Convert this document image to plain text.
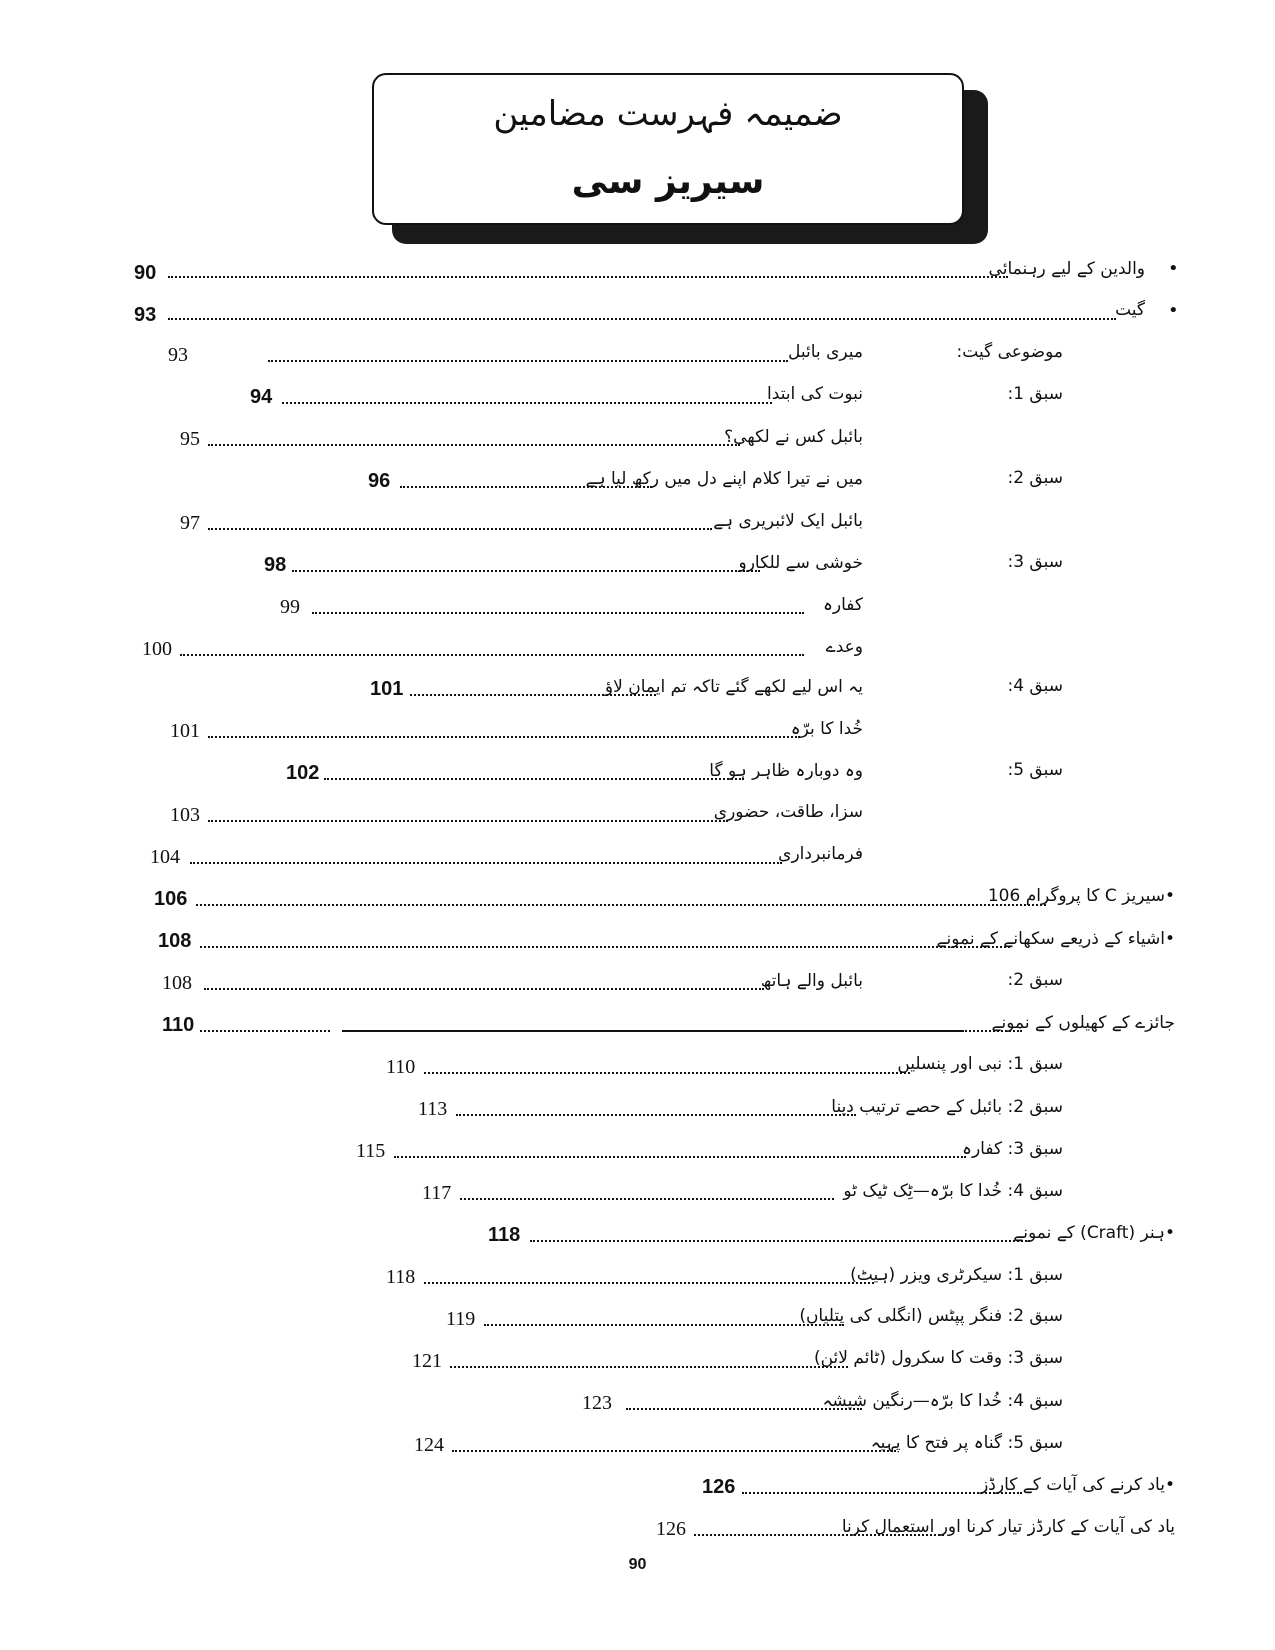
ضمیمہ فہرست مضامین
سیریز سی
•
والدین کے لیے رہنمائی
90
•
گیت
93
موضوعی گیت:
میری بائبل
93
سبق 1:
نبوت کی ابتدا
94
بائبل کس نے لکھی؟
95
سبق 2:
میں نے تیرا کلام اپنے دل میں رکھ لیا ہے
96
بائبل ایک لائبریری ہے
97
سبق 3:
خوشی سے للکارو
98
کفارہ
99
وعدے
100
سبق 4:
یہ اس لیے لکھے گئے تاکہ تم ایمان لاؤ
101
خُدا کا برّہ
101
سبق 5:
وہ دوبارہ ظاہر ہو گا
102
سزا، طاقت، حضوری
103
فرمانبرداری
104
•سیریز C کا پروگرام 106
106
•اشیاء کے ذریعے سکھانے کے نمونے
108
سبق 2:
بائبل والے ہاتھ
108
جائزے کے کھیلوں کے نمونے
110
سبق 1: نبی اور پنسلیں
110
سبق 2: بائبل کے حصے ترتیب دینا
113
سبق 3: کفارہ
115
سبق 4: خُدا کا برّہ—ٹِک ٹیک ٹو
117
•ہنر (Craft) کے نمونے
118
سبق 1: سیکرٹری ویزر (ہیٹ)
118
سبق 2: فنگر پپٹس (انگلی کی پتلیاں)
119
سبق 3: وقت کا سکرول (ٹائم لائن)
121
سبق 4: خُدا کا برّہ—رنگین شیشہ
123
سبق 5: گناہ پر فتح کا پہیہ
124
•یاد کرنے کی آیات کے کارڈز
126
یاد کی آیات کے کارڈز تیار کرنا اور استعمال کرنا
126
90
